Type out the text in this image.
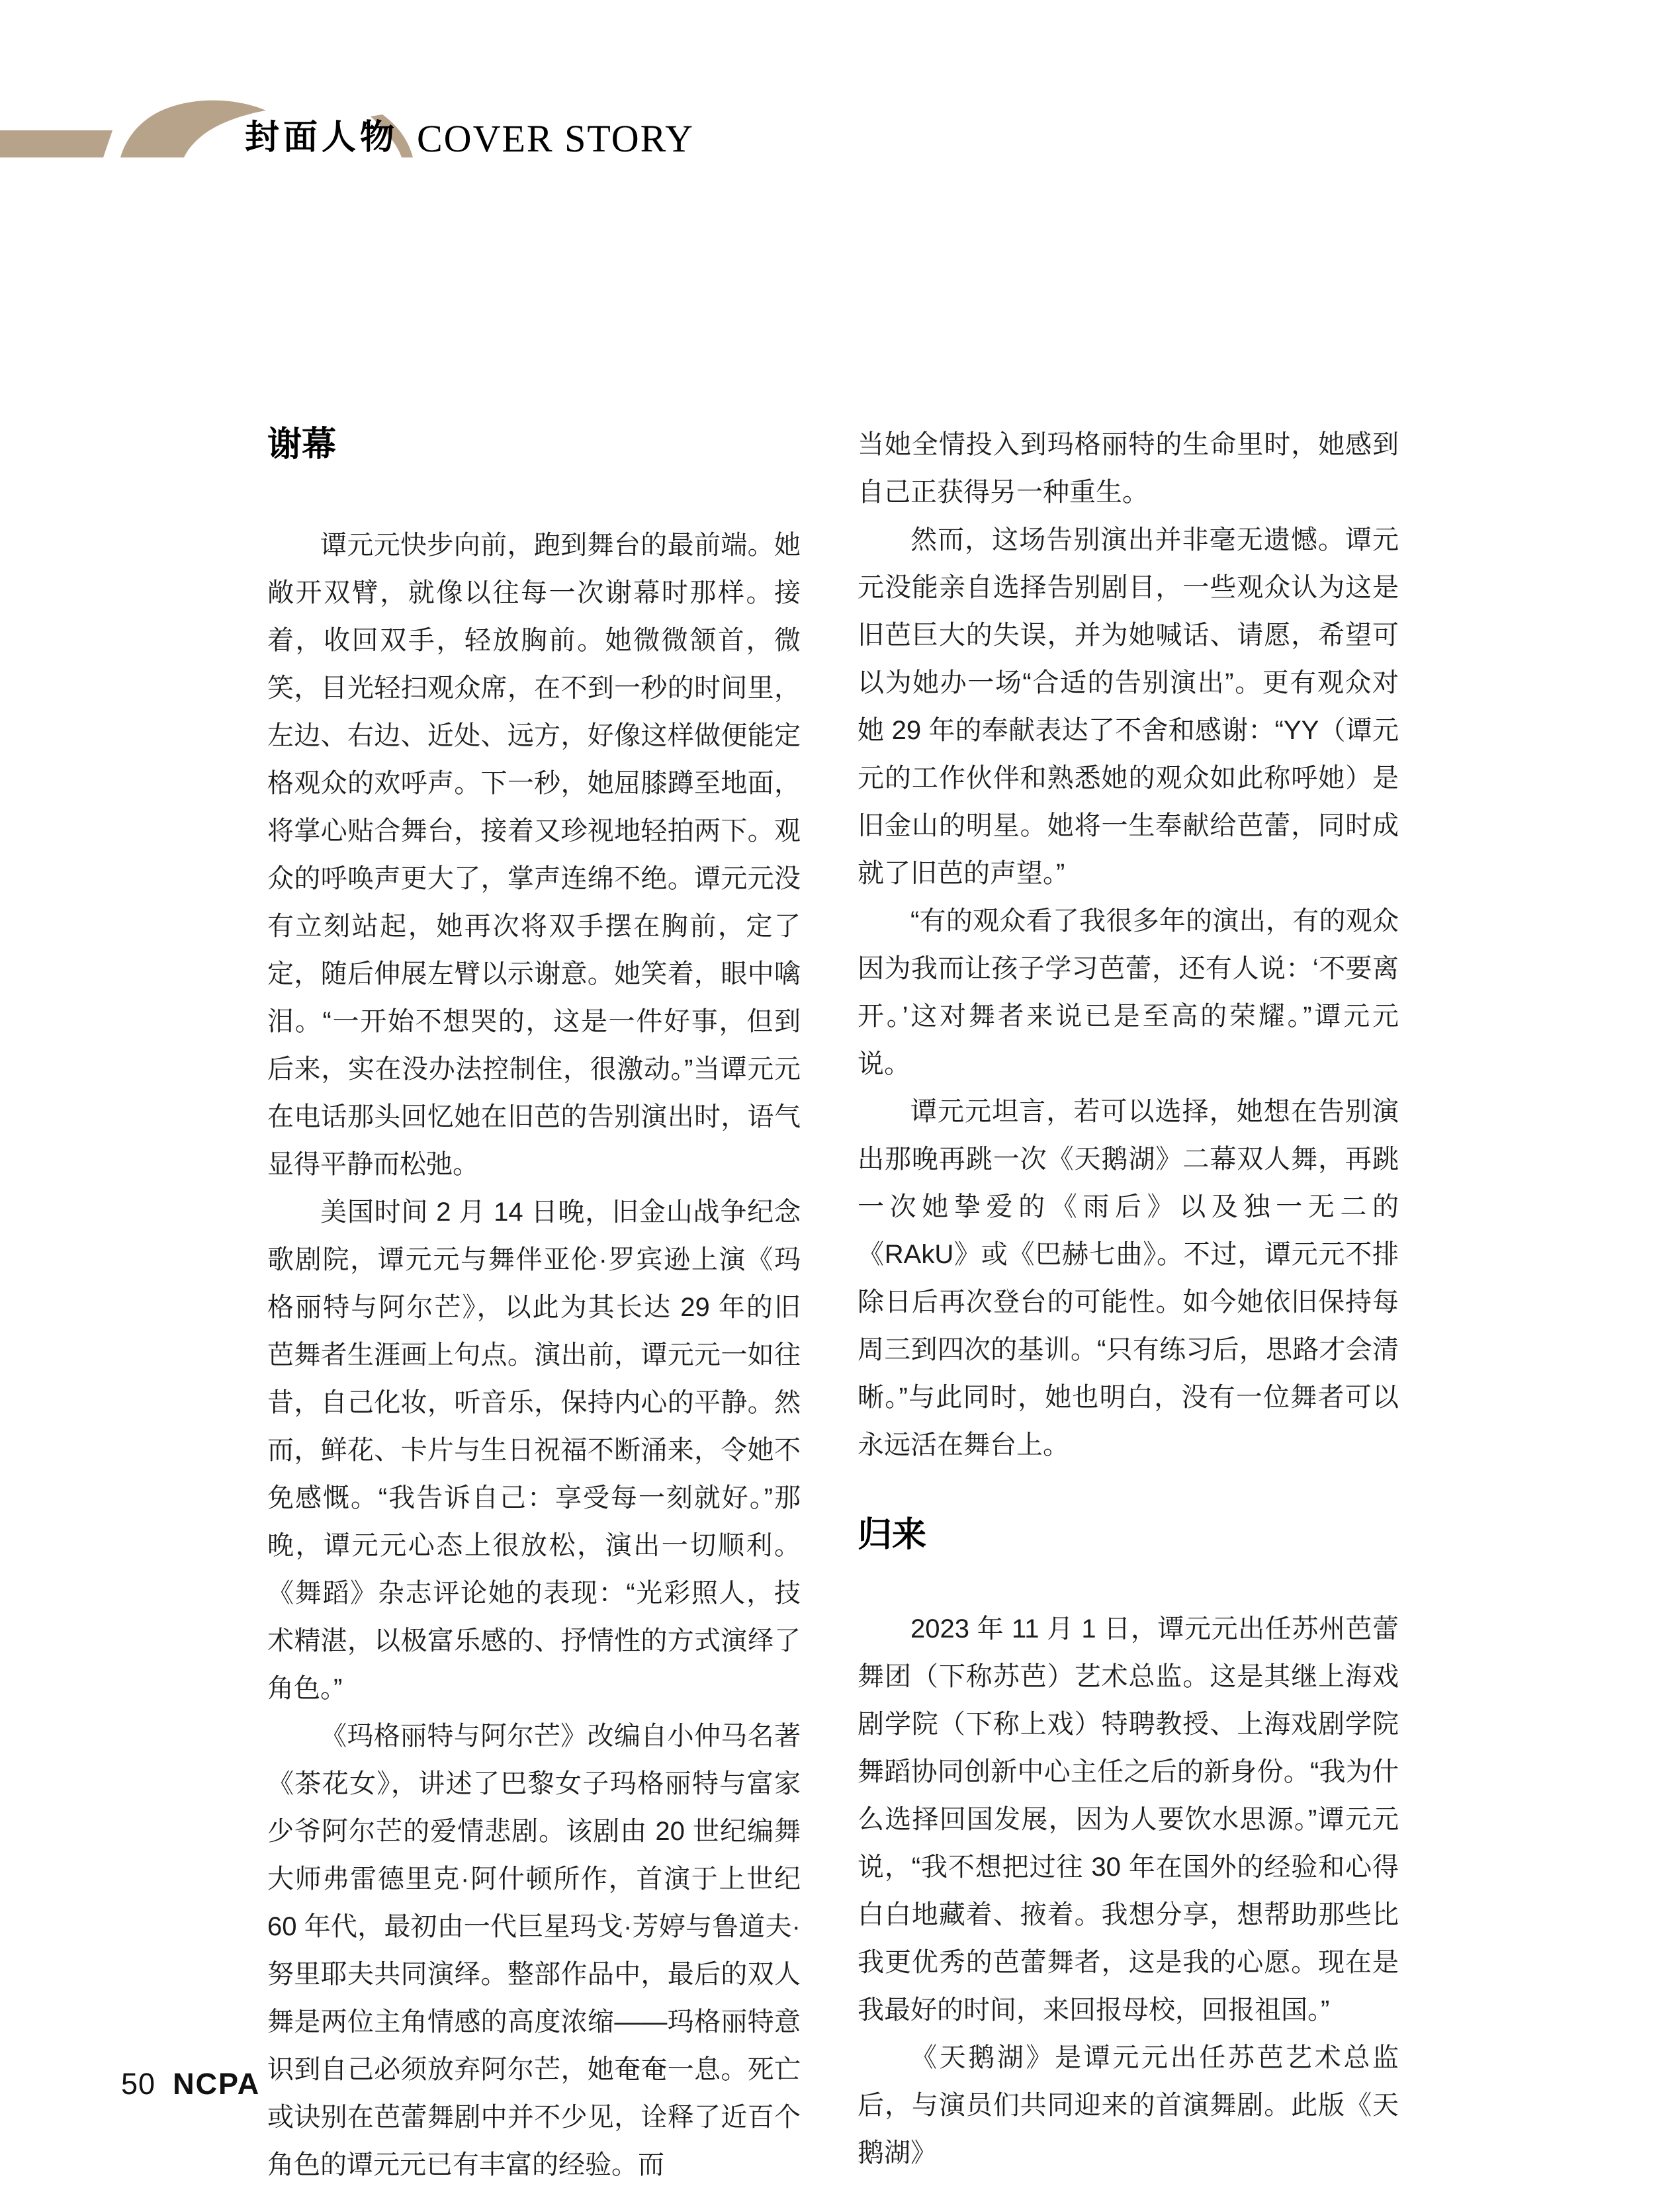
封面人物 COVER STORY
谢幕

谭元元快步向前，跑到舞台的最前端。她敞开双臂，就像以往每一次谢幕时那样。接着，收回双手，轻放胸前。她微微颔首，微笑，目光轻扫观众席，在不到一秒的时间里，左边、右边、近处、远方，好像这样做便能定格观众的欢呼声。下一秒，她屈膝蹲至地面，将掌心贴合舞台，接着又珍视地轻拍两下。观众的呼唤声更大了，掌声连绵不绝。谭元元没有立刻站起，她再次将双手摆在胸前，定了定，随后伸展左臂以示谢意。她笑着，眼中噙泪。“一开始不想哭的，这是一件好事，但到后来，实在没办法控制住，很激动。”当谭元元在电话那头回忆她在旧芭的告别演出时，语气显得平静而松弛。

美国时间 2 月 14 日晚，旧金山战争纪念歌剧院，谭元元与舞伴亚伦·罗宾逊上演《玛格丽特与阿尔芒》，以此为其长达 29 年的旧芭舞者生涯画上句点。演出前，谭元元一如往昔，自己化妆，听音乐，保持内心的平静。然而，鲜花、卡片与生日祝福不断涌来，令她不免感慨。“我告诉自己：享受每一刻就好。”那晚，谭元元心态上很放松，演出一切顺利。《舞蹈》杂志评论她的表现：“光彩照人，技术精湛，以极富乐感的、抒情性的方式演绎了角色。”

《玛格丽特与阿尔芒》改编自小仲马名著《茶花女》，讲述了巴黎女子玛格丽特与富家少爷阿尔芒的爱情悲剧。该剧由 20 世纪编舞大师弗雷德里克·阿什顿所作，首演于上世纪 60 年代，最初由一代巨星玛戈·芳婷与鲁道夫·努里耶夫共同演绎。整部作品中，最后的双人舞是两位主角情感的高度浓缩——玛格丽特意识到自己必须放弃阿尔芒，她奄奄一息。死亡或诀别在芭蕾舞剧中并不少见，诠释了近百个角色的谭元元已有丰富的经验。而

当她全情投入到玛格丽特的生命里时，她感到自己正获得另一种重生。

然而，这场告别演出并非毫无遗憾。谭元元没能亲自选择告别剧目，一些观众认为这是旧芭巨大的失误，并为她喊话、请愿，希望可以为她办一场“合适的告别演出”。更有观众对她 29 年的奉献表达了不舍和感谢：“YY（谭元元的工作伙伴和熟悉她的观众如此称呼她）是旧金山的明星。她将一生奉献给芭蕾，同时成就了旧芭的声望。”

“有的观众看了我很多年的演出，有的观众因为我而让孩子学习芭蕾，还有人说：‘不要离开。’这对舞者来说已是至高的荣耀。”谭元元说。

谭元元坦言，若可以选择，她想在告别演出那晚再跳一次《天鹅湖》二幕双人舞，再跳一次她挚爱的《雨后》以及独一无二的《RAkU》或《巴赫七曲》。不过，谭元元不排除日后再次登台的可能性。如今她依旧保持每周三到四次的基训。“只有练习后，思路才会清晰。”与此同时，她也明白，没有一位舞者可以永远活在舞台上。

归来

2023 年 11 月 1 日，谭元元出任苏州芭蕾舞团（下称苏芭）艺术总监。这是其继上海戏剧学院（下称上戏）特聘教授、上海戏剧学院舞蹈协同创新中心主任之后的新身份。“我为什么选择回国发展，因为人要饮水思源。”谭元元说，“我不想把过往 30 年在国外的经验和心得白白地藏着、掖着。我想分享，想帮助那些比我更优秀的芭蕾舞者，这是我的心愿。现在是我最好的时间，来回报母校，回报祖国。”

《天鹅湖》是谭元元出任苏芭艺术总监后，与演员们共同迎来的首演舞剧。此版《天鹅湖》

50 NCPA
